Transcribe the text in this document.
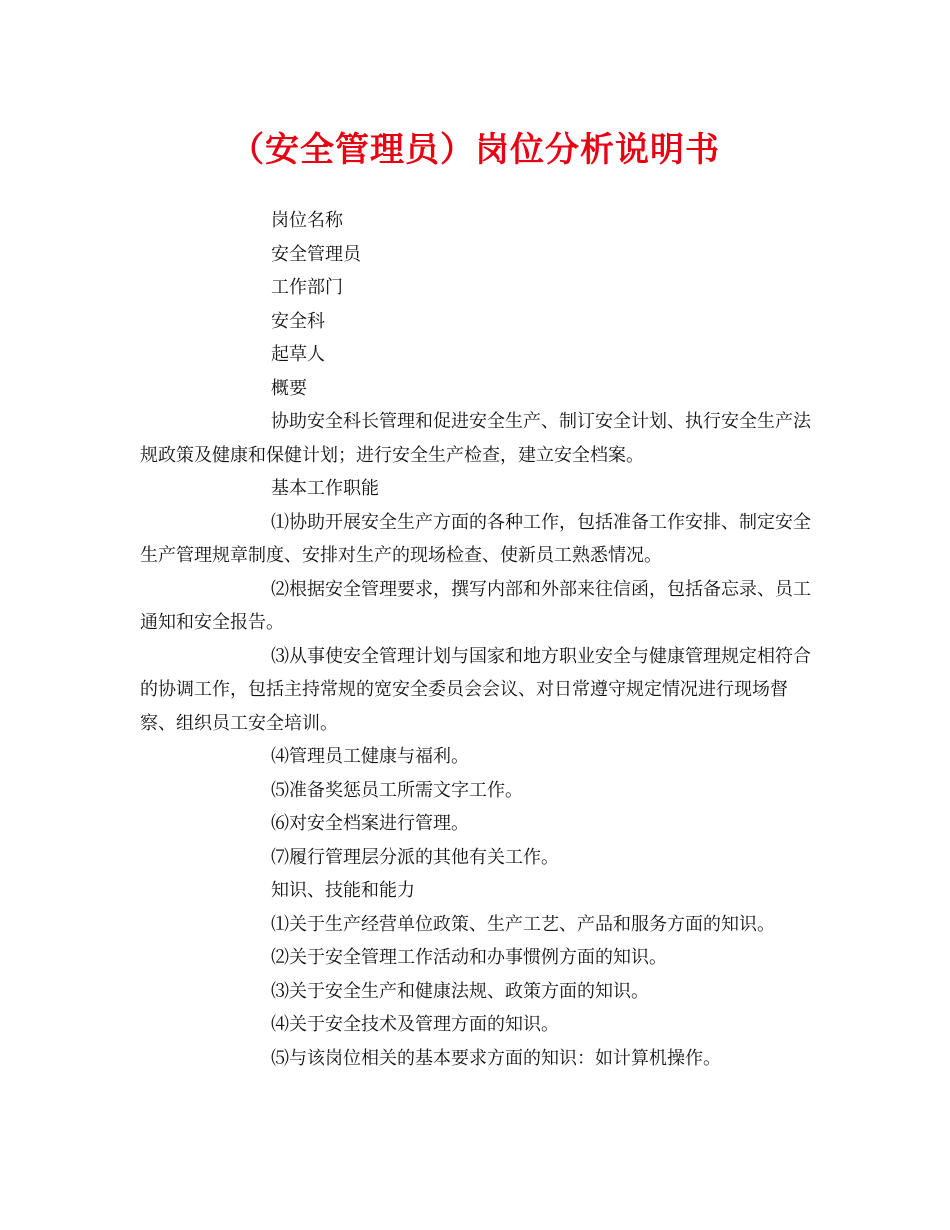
（安全管理员）岗位分析说明书

岗位名称

安全管理员

工作部门

安全科

起草人

概要

协助安全科长管理和促进安全生产、制订安全计划、执行安全生产法规政策及健康和保健计划；进行安全生产检查，建立安全档案。

基本工作职能

⑴协助开展安全生产方面的各种工作，包括准备工作安排、制定安全生产管理规章制度、安排对生产的现场检查、使新员工熟悉情况。

⑵根据安全管理要求，撰写内部和外部来往信函，包括备忘录、员工通知和安全报告。

⑶从事使安全管理计划与国家和地方职业安全与健康管理规定相符合的协调工作，包括主持常规的宽安全委员会会议、对日常遵守规定情况进行现场督察、组织员工安全培训。

⑷管理员工健康与福利。

⑸准备奖惩员工所需文字工作。

⑹对安全档案进行管理。

⑺履行管理层分派的其他有关工作。

知识、技能和能力

⑴关于生产经营单位政策、生产工艺、产品和服务方面的知识。

⑵关于安全管理工作活动和办事惯例方面的知识。

⑶关于安全生产和健康法规、政策方面的知识。

⑷关于安全技术及管理方面的知识。

⑸与该岗位相关的基本要求方面的知识：如计算机操作。
